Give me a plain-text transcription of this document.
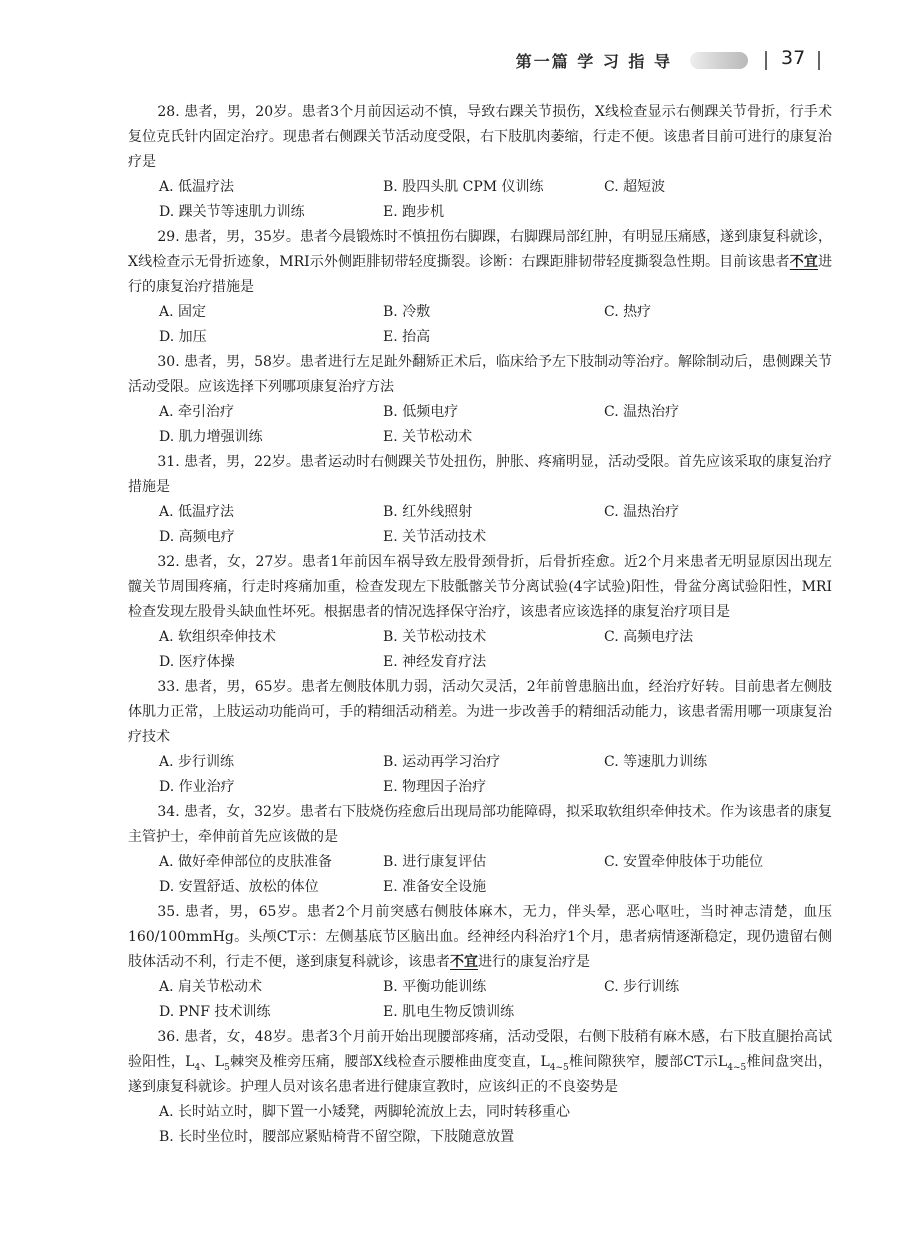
第一篇 学 习 指 导	37
28. 患者，男，20岁。患者3个月前因运动不慎，导致右踝关节损伤，X线检查显示右侧踝关节骨折，行手术复位克氏针内固定治疗。现患者右侧踝关节活动度受限，右下肢肌肉萎缩，行走不便。该患者目前可进行的康复治疗是
A. 低温疗法	B. 股四头肌 CPM 仪训练	C. 超短波
D. 踝关节等速肌力训练	E. 跑步机
29. 患者，男，35岁。患者今晨锻炼时不慎扭伤右脚踝，右脚踝局部红肿，有明显压痛感，遂到康复科就诊，X线检查示无骨折迹象，MRI示外侧距腓韧带轻度撕裂。诊断：右踝距腓韧带轻度撕裂急性期。目前该患者不宜进行的康复治疗措施是
A. 固定	B. 冷敷	C. 热疗
D. 加压	E. 抬高
30. 患者，男，58岁。患者进行左足趾外翻矫正术后，临床给予左下肢制动等治疗。解除制动后，患侧踝关节活动受限。应该选择下列哪项康复治疗方法
A. 牵引治疗	B. 低频电疗	C. 温热治疗
D. 肌力增强训练	E. 关节松动术
31. 患者，男，22岁。患者运动时右侧踝关节处扭伤，肿胀、疼痛明显，活动受限。首先应该采取的康复治疗措施是
A. 低温疗法	B. 红外线照射	C. 温热治疗
D. 高频电疗	E. 关节活动技术
32. 患者，女，27岁。患者1年前因车祸导致左股骨颈骨折，后骨折痊愈。近2个月来患者无明显原因出现左髋关节周围疼痛，行走时疼痛加重，检查发现左下肢骶髂关节分离试验(4字试验)阳性，骨盆分离试验阳性，MRI检查发现左股骨头缺血性坏死。根据患者的情况选择保守治疗，该患者应该选择的康复治疗项目是
A. 软组织牵伸技术	B. 关节松动技术	C. 高频电疗法
D. 医疗体操	E. 神经发育疗法
33. 患者，男，65岁。患者左侧肢体肌力弱，活动欠灵活，2年前曾患脑出血，经治疗好转。目前患者左侧肢体肌力正常，上肢运动功能尚可，手的精细活动稍差。为进一步改善手的精细活动能力，该患者需用哪一项康复治疗技术
A. 步行训练	B. 运动再学习治疗	C. 等速肌力训练
D. 作业治疗	E. 物理因子治疗
34. 患者，女，32岁。患者右下肢烧伤痊愈后出现局部功能障碍，拟采取软组织牵伸技术。作为该患者的康复主管护士，牵伸前首先应该做的是
A. 做好牵伸部位的皮肤准备	B. 进行康复评估	C. 安置牵伸肢体于功能位
D. 安置舒适、放松的体位	E. 准备安全设施
35. 患者，男，65岁。患者2个月前突感右侧肢体麻木，无力，伴头晕，恶心呕吐，当时神志清楚，血压160/100mmHg。头颅CT示：左侧基底节区脑出血。经神经内科治疗1个月，患者病情逐渐稳定，现仍遗留右侧肢体活动不利，行走不便，遂到康复科就诊，该患者不宜进行的康复治疗是
A. 肩关节松动术	B. 平衡功能训练	C. 步行训练
D. PNF 技术训练	E. 肌电生物反馈训练
36. 患者，女，48岁。患者3个月前开始出现腰部疼痛，活动受限，右侧下肢稍有麻木感，右下肢直腿抬高试验阳性，$L_4$、$L_5$棘突及椎旁压痛，腰部X线检查示腰椎曲度变直，$L_{4\sim 5}$椎间隙狭窄，腰部CT示$L_{4\sim 5}$椎间盘突出，遂到康复科就诊。护理人员对该名患者进行健康宣教时，应该纠正的不良姿势是
A. 长时站立时，脚下置一小矮凳，两脚轮流放上去，同时转移重心
B. 长时坐位时，腰部应紧贴椅背不留空隙，下肢随意放置
